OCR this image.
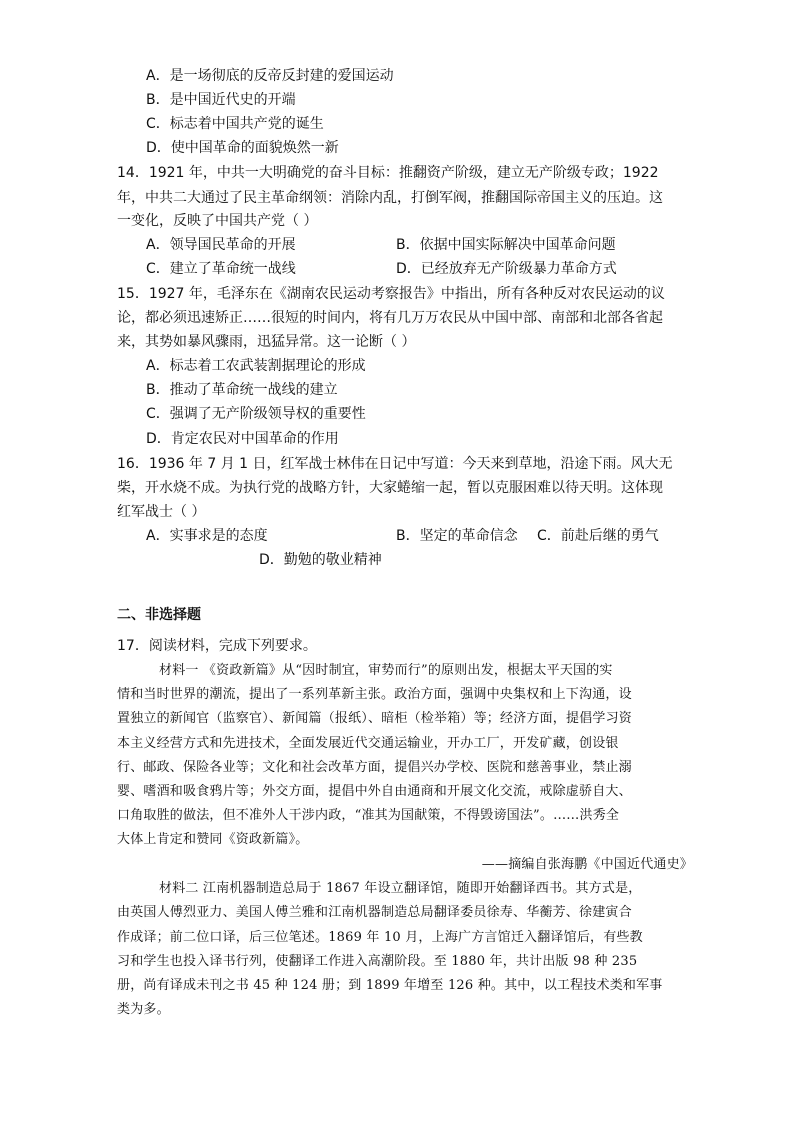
A．是一场彻底的反帝反封建的爱国运动
B．是中国近代史的开端
C．标志着中国共产党的诞生
D．使中国革命的面貌焕然一新
14．1921 年，中共一大明确党的奋斗目标：推翻资产阶级，建立无产阶级专政；1922
年，中共二大通过了民主革命纲领：消除内乱，打倒军阀，推翻国际帝国主义的压迫。这
一变化，反映了中国共产党（ ）
A．领导国民革命的开展	B．依据中国实际解决中国革命问题
C．建立了革命统一战线	D．已经放弃无产阶级暴力革命方式
15．1927 年，毛泽东在《湖南农民运动考察报告》中指出，所有各种反对农民运动的议
论，都必须迅速矫正……很短的时间内，将有几万万农民从中国中部、南部和北部各省起
来，其势如暴风骤雨，迅猛异常。这一论断（ ）
A．标志着工农武装割据理论的形成
B．推动了革命统一战线的建立
C．强调了无产阶级领导权的重要性
D．肯定农民对中国革命的作用
16．1936 年 7 月 1 日，红军战士林伟在日记中写道：今天来到草地，沿途下雨。风大无
柴，开水烧不成。为执行党的战略方针，大家蜷缩一起，暂以克服困难以待天明。这体现
红军战士（ ）
A．实事求是的态度	B．坚定的革命信念 C．前赴后继的勇气
D．勤勉的敬业精神
二、非选择题
17．阅读材料，完成下列要求。
材料一 《资政新篇》从“因时制宜，审势而行”的原则出发，根据太平天国的实
情和当时世界的潮流，提出了一系列革新主张。政治方面，强调中央集权和上下沟通，设
置独立的新闻官（监察官）、新闻篇（报纸）、暗柜（检举箱）等；经济方面，提倡学习资
本主义经营方式和先进技术，全面发展近代交通运输业，开办工厂，开发矿藏，创设银
行、邮政、保险各业等；文化和社会改革方面，提倡兴办学校、医院和慈善事业，禁止溺
婴、嗜酒和吸食鸦片等；外交方面，提倡中外自由通商和开展文化交流，戒除虚骄自大、
口角取胜的做法，但不准外人干涉内政，“准其为国献策，不得毁谤国法”。……洪秀全
大体上肯定和赞同《资政新篇》。
——摘编自张海鹏《中国近代通史》
材料二 江南机器制造总局于 1867 年设立翻译馆，随即开始翻译西书。其方式是，
由英国人傅烈亚力、美国人傅兰雅和江南机器制造总局翻译委员徐寿、华蘅芳、徐建寅合
作成译；前二位口译，后三位笔述。1869 年 10 月，上海广方言馆迁入翻译馆后，有些教
习和学生也投入译书行列，使翻译工作进入高潮阶段。至 1880 年，共计出版 98 种 235
册，尚有译成未刊之书 45 种 124 册；到 1899 年增至 126 种。其中，以工程技术类和军事
类为多。
